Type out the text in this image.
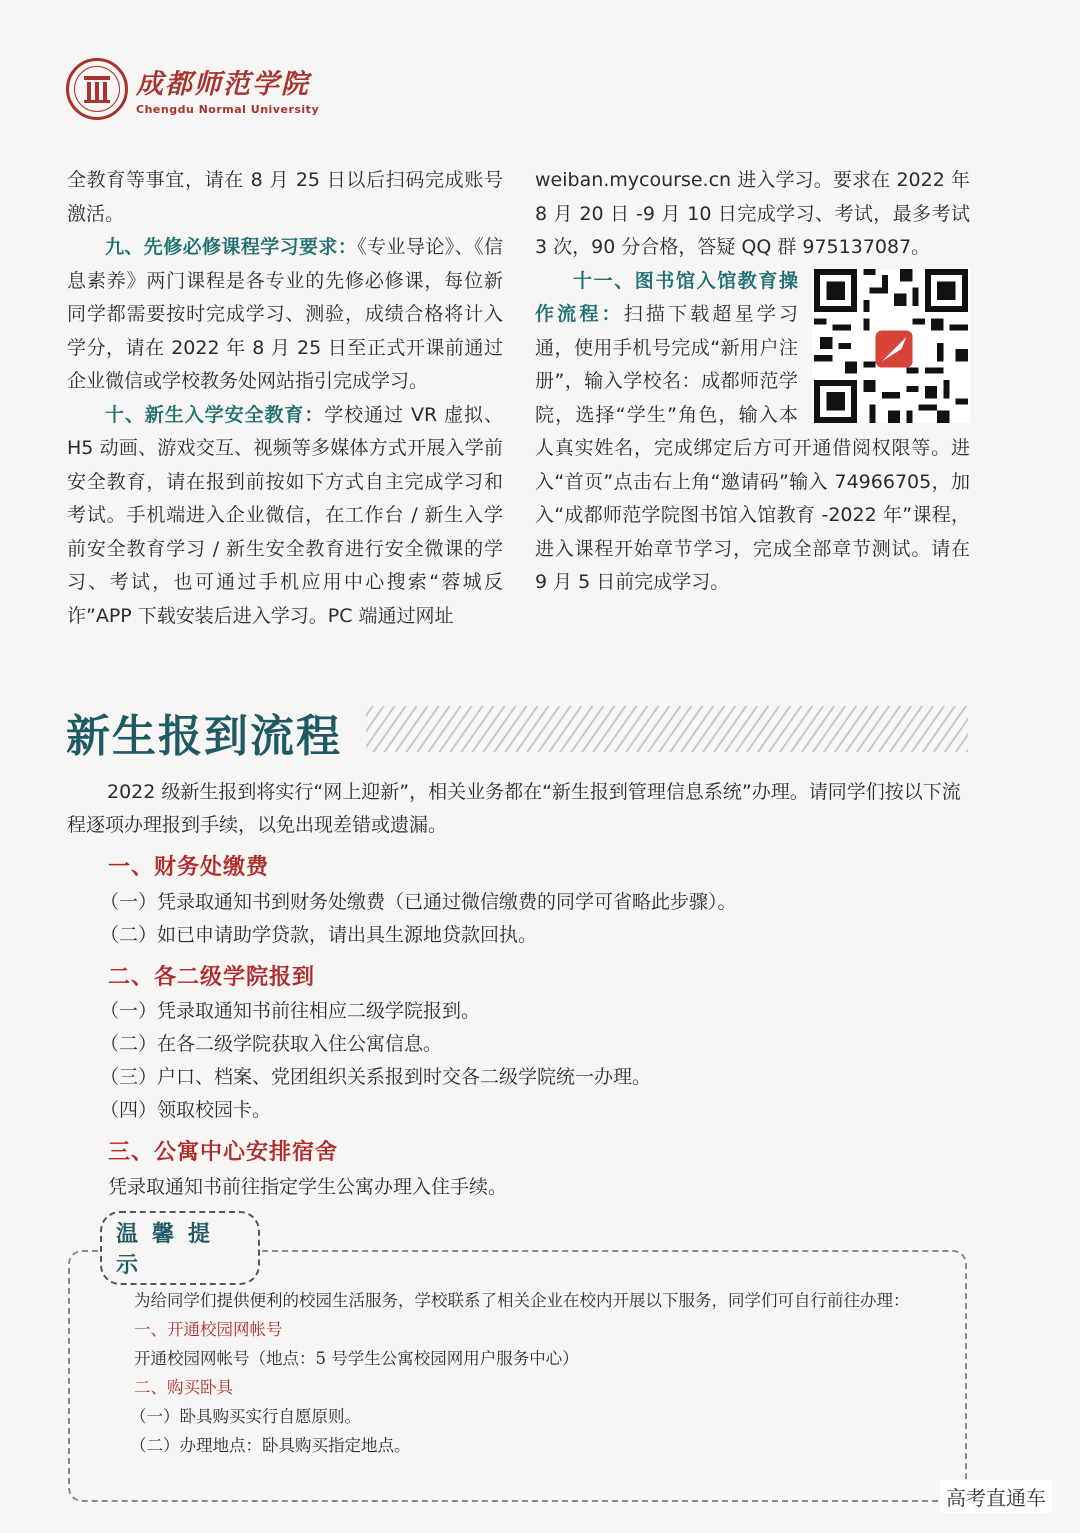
成都师范学院
Chengdu Normal University

全教育等事宜，请在 8 月 25 日以后扫码完成账号激活。

九、先修必修课程学习要求：《专业导论》、《信息素养》两门课程是各专业的先修必修课，每位新同学都需要按时完成学习、测验，成绩合格将计入学分，请在 2022 年 8 月 25 日至正式开课前通过企业微信或学校教务处网站指引完成学习。

十、新生入学安全教育：学校通过 VR 虚拟、H5 动画、游戏交互、视频等多媒体方式开展入学前安全教育，请在报到前按如下方式自主完成学习和考试。手机端进入企业微信，在工作台 / 新生入学前安全教育学习 / 新生安全教育进行安全微课的学习、考试，也可通过手机应用中心搜索“蓉城反诈”APP 下载安装后进入学习。PC 端通过网址

weiban.mycourse.cn 进入学习。要求在 2022 年 8 月 20 日 -9 月 10 日完成学习、考试，最多考试 3 次，90 分合格，答疑 QQ 群 975137087。

十一、图书馆入馆教育操作流程：扫描下载超星学习通，使用手机号完成“新用户注册”，输入学校名：成都师范学院，选择“学生”角色，输入本人真实姓名，完成绑定后方可开通借阅权限等。进入“首页”点击右上角“邀请码”输入 74966705，加入“成都师范学院图书馆入馆教育 -2022 年”课程，进入课程开始章节学习，完成全部章节测试。请在 9 月 5 日前完成学习。

新生报到流程
2022 级新生报到将实行“网上迎新”，相关业务都在“新生报到管理信息系统”办理。请同学们按以下流程逐项办理报到手续，以免出现差错或遗漏。
一、财务处缴费
（一）凭录取通知书到财务处缴费（已通过微信缴费的同学可省略此步骤）。
（二）如已申请助学贷款，请出具生源地贷款回执。
二、各二级学院报到
（一）凭录取通知书前往相应二级学院报到。
（二）在各二级学院获取入住公寓信息。
（三）户口、档案、党团组织关系报到时交各二级学院统一办理。
（四）领取校园卡。
三、公寓中心安排宿舍
凭录取通知书前往指定学生公寓办理入住手续。
温馨提示
为给同学们提供便利的校园生活服务，学校联系了相关企业在校内开展以下服务，同学们可自行前往办理：
一、开通校园网帐号
开通校园网帐号（地点：5 号学生公寓校园网用户服务中心）
二、购买卧具
（一）卧具购买实行自愿原则。
（二）办理地点：卧具购买指定地点。
高考直通车
